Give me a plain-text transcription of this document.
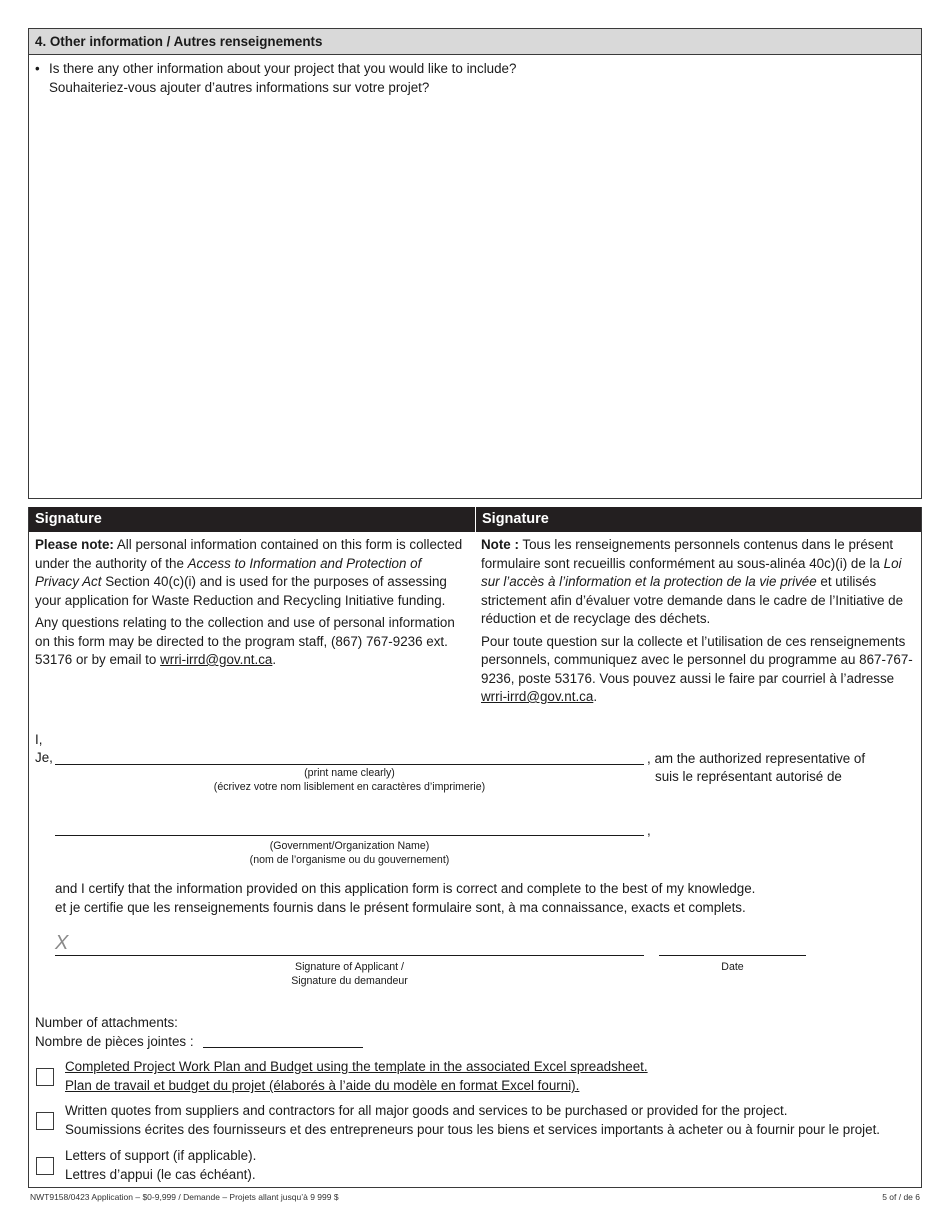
4. Other information / Autres renseignements
• Is there any other information about your project that you would like to include?
Souhaiteriez-vous ajouter d’autres informations sur votre projet?
Signature	Signature

Please note: All personal information contained on this form is collected under the authority of the Access to Information and Protection of Privacy Act Section 40(c)(i) and is used for the purposes of assessing your application for Waste Reduction and Recycling Initiative funding.

Any questions relating to the collection and use of personal information on this form may be directed to the program staff, (867) 767-9236 ext. 53176 or by email to wrri-irrd@gov.nt.ca.

Note : Tous les renseignements personnels contenus dans le présent formulaire sont recueillis conformément au sous-alinéa 40c)(i) de la Loi sur l’accès à l’information et la protection de la vie privée et utilisés strictement afin d’évaluer votre demande dans le cadre de l’Initiative de réduction et de recyclage des déchets.

Pour toute question sur la collecte et l’utilisation de ces renseignements personnels, communiquez avec le personnel du programme au 867-767-9236, poste 53176. Vous pouvez aussi le faire par courriel à l’adresse wrri-irrd@gov.nt.ca.

I,
Je,
(print name clearly)
(écrivez votre nom lisiblement en caractères d’imprimerie)
, am the authorized representative of
suis le représentant autorisé de
,
(Government/Organization Name)
(nom de l’organisme ou du gouvernement)
and I certify that the information provided on this application form is correct and complete to the best of my knowledge.
et je certifie que les renseignements fournis dans le présent formulaire sont, à ma connaissance, exacts et complets.
X
Signature of Applicant /
Signature du demandeur
Date
Number of attachments:
Nombre de pièces jointes :
Completed Project Work Plan and Budget using the template in the associated Excel spreadsheet.
Plan de travail et budget du projet (élaborés à l’aide du modèle en format Excel fourni).
Written quotes from suppliers and contractors for all major goods and services to be purchased or provided for the project.
Soumissions écrites des fournisseurs et des entrepreneurs pour tous les biens et services importants à acheter ou à fournir pour le projet.
Letters of support (if applicable).
Lettres d’appui (le cas échéant).
NWT9158/0423 Application – $0-9,999 / Demande – Projets allant jusqu’à 9 999 $	5 of / de 6
